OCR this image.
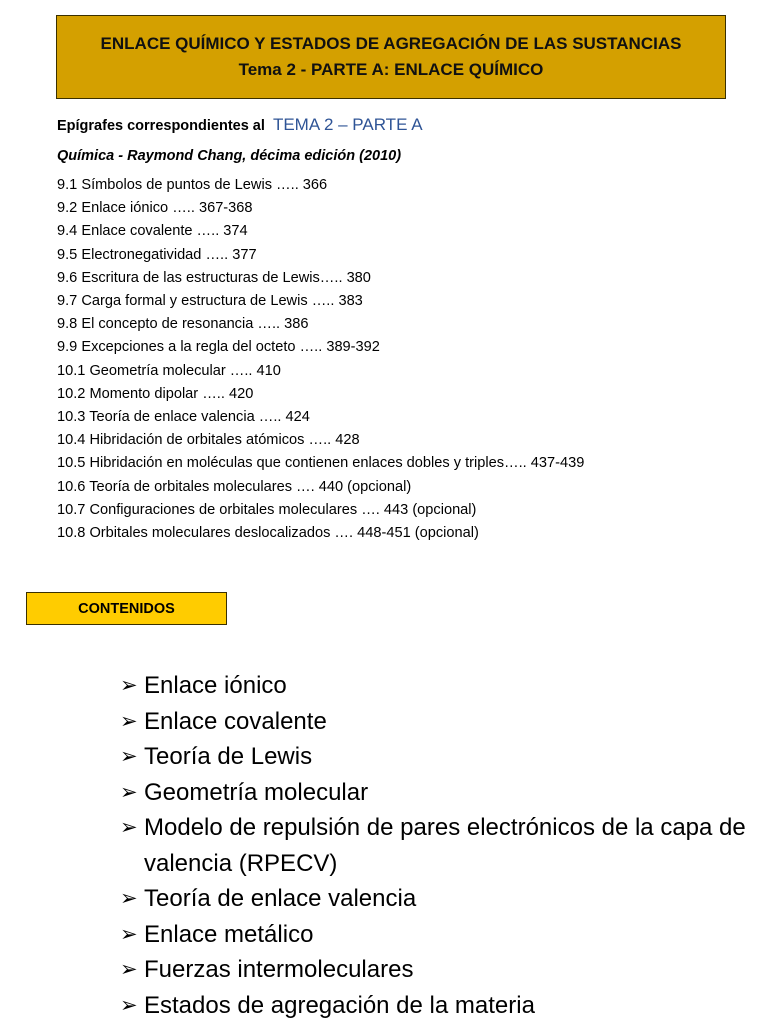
ENLACE QUÍMICO Y ESTADOS DE AGREGACIÓN DE LAS SUSTANCIAS
Tema 2 - PARTE A: ENLACE QUÍMICO
Epígrafes correspondientes al TEMA 2 – PARTE A
Química - Raymond Chang, décima edición (2010)
9.1 Símbolos de puntos de Lewis ….. 366
9.2 Enlace iónico ….. 367-368
9.4 Enlace covalente ….. 374
9.5 Electronegatividad ….. 377
9.6 Escritura de las estructuras de Lewis….. 380
9.7 Carga formal y estructura de Lewis ….. 383
9.8 El concepto de resonancia ….. 386
9.9 Excepciones a la regla del octeto ….. 389-392
10.1 Geometría molecular ….. 410
10.2 Momento dipolar ….. 420
10.3 Teoría de enlace valencia ….. 424
10.4 Hibridación de orbitales atómicos ….. 428
10.5 Hibridación en moléculas que contienen enlaces dobles y triples….. 437-439
10.6 Teoría de orbitales moleculares …. 440 (opcional)
10.7 Configuraciones de orbitales moleculares …. 443 (opcional)
10.8 Orbitales moleculares deslocalizados …. 448-451 (opcional)
CONTENIDOS
➢ Enlace iónico
➢ Enlace covalente
➢ Teoría de Lewis
➢ Geometría molecular
➢ Modelo de repulsión de pares electrónicos de la capa de valencia (RPECV)
➢ Teoría de enlace valencia
➢ Enlace metálico
➢ Fuerzas intermoleculares
➢ Estados de agregación de la materia
